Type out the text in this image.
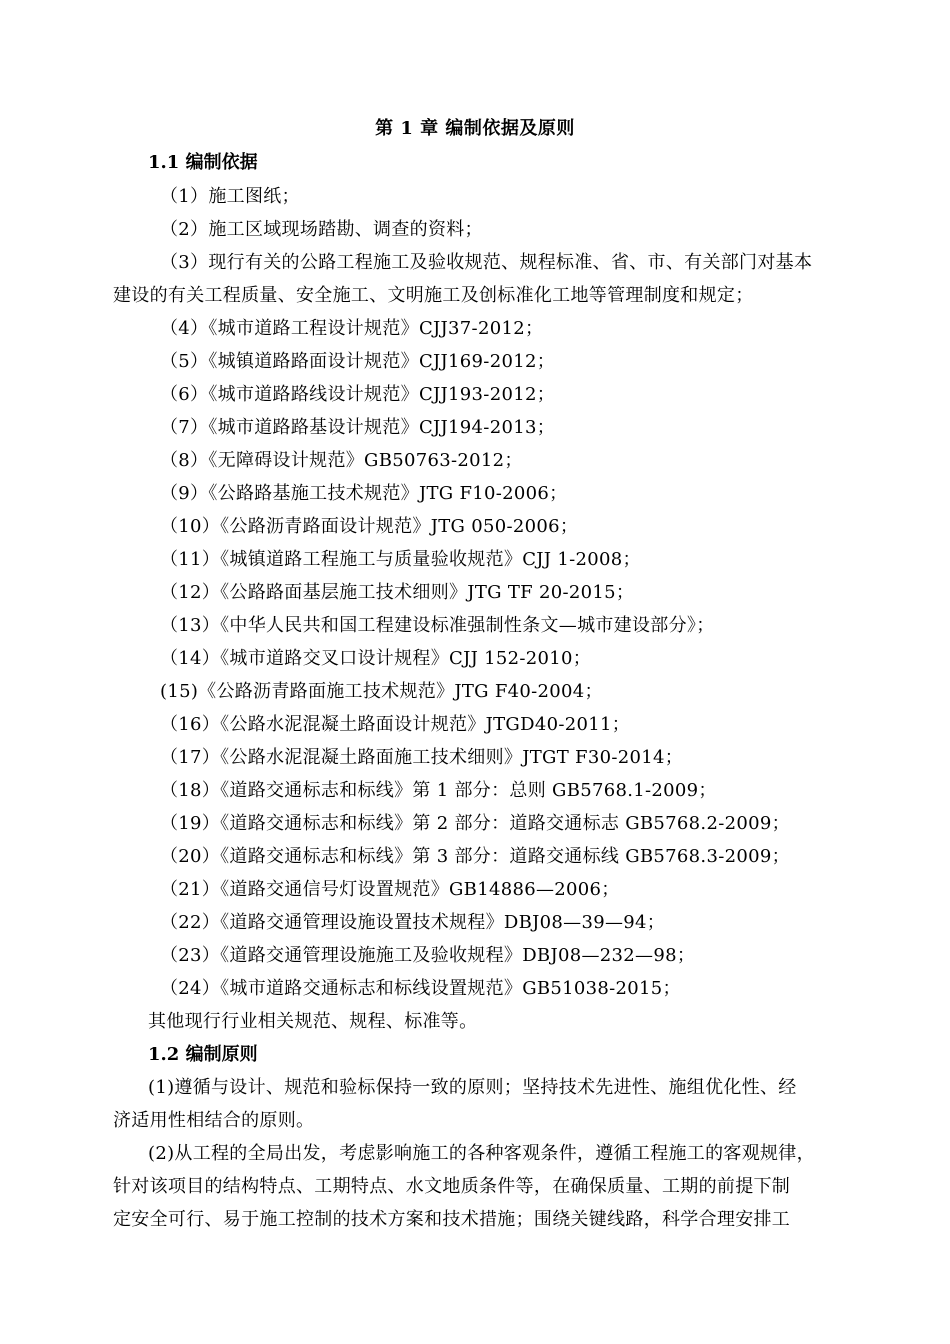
第 1 章 编制依据及原则
1.1 编制依据
（1）施工图纸；
（2）施工区域现场踏勘、调查的资料；
（3）现行有关的公路工程施工及验收规范、规程标准、省、市、有关部门对基本
建设的有关工程质量、安全施工、文明施工及创标准化工地等管理制度和规定；
（4）《城市道路工程设计规范》CJJ37-2012；
（5）《城镇道路路面设计规范》CJJ169-2012；
（6）《城市道路路线设计规范》CJJ193-2012；
（7）《城市道路路基设计规范》CJJ194-2013；
（8）《无障碍设计规范》GB50763-2012；
（9）《公路路基施工技术规范》JTG F10-2006；
（10）《公路沥青路面设计规范》JTG 050-2006；
（11）《城镇道路工程施工与质量验收规范》CJJ 1-2008；
（12）《公路路面基层施工技术细则》JTG TF 20-2015；
（13）《中华人民共和国工程建设标准强制性条文—城市建设部分》；
（14）《城市道路交叉口设计规程》CJJ 152-2010；
(15)《公路沥青路面施工技术规范》JTG F40-2004；
（16）《公路水泥混凝土路面设计规范》JTGD40-2011；
（17）《公路水泥混凝土路面施工技术细则》JTGT F30-2014；
（18）《道路交通标志和标线》第 1 部分：总则 GB5768.1-2009；
（19）《道路交通标志和标线》第 2 部分：道路交通标志 GB5768.2-2009；
（20）《道路交通标志和标线》第 3 部分：道路交通标线 GB5768.3-2009；
（21）《道路交通信号灯设置规范》GB14886—2006；
（22）《道路交通管理设施设置技术规程》DBJ08—39—94；
（23）《道路交通管理设施施工及验收规程》DBJ08—232—98；
（24）《城市道路交通标志和标线设置规范》GB51038-2015；
其他现行行业相关规范、规程、标准等。
1.2 编制原则
(1)遵循与设计、规范和验标保持一致的原则；坚持技术先进性、施组优化性、经
济适用性相结合的原则。
(2)从工程的全局出发，考虑影响施工的各种客观条件，遵循工程施工的客观规律，
针对该项目的结构特点、工期特点、水文地质条件等，在确保质量、工期的前提下制
定安全可行、易于施工控制的技术方案和技术措施；围绕关键线路，科学合理安排工
